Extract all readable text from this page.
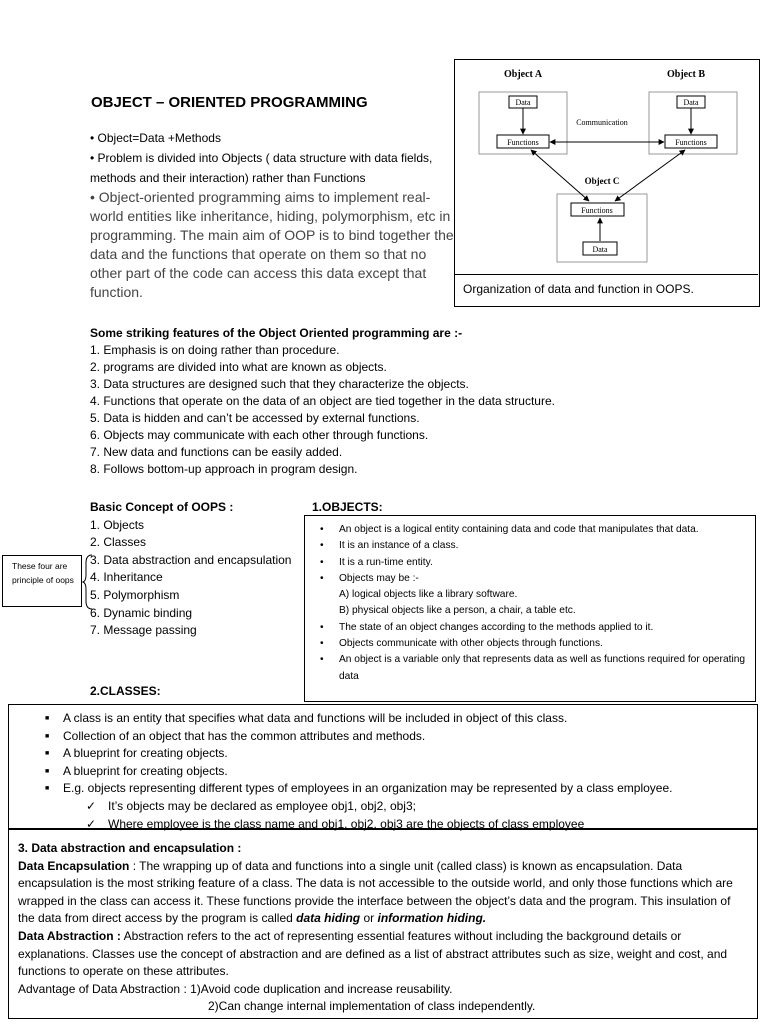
OBJECT – ORIENTED PROGRAMMING
• Object=Data +Methods
• Problem is divided into Objects ( data structure with data fields, methods and their interaction) rather than Functions
• Object-oriented programming aims to implement real-world entities like inheritance, hiding, polymorphism, etc in programming. The main aim of OOP is to bind together the data and the functions that operate on them so that no other part of the code can access this data except that function.
Object A	Object B
Data
Functions
Data
Functions
Communication
Object C
Functions
Data
Organization of data and function in OOPS.
Some striking features of the Object Oriented programming are :-
1. Emphasis is on doing rather than procedure.
2. programs are divided into what are known as objects.
3. Data structures are designed such that they characterize the objects.
4. Functions that operate on the data of an object are tied together in the data structure.
5. Data is hidden and can’t be accessed by external functions.
6. Objects may communicate with each other through functions.
7. New data and functions can be easily added.
8. Follows bottom-up approach in program design.
Basic Concept of OOPS :
1. Objects
2. Classes
3. Data abstraction and encapsulation
4. Inheritance
5. Polymorphism
6. Dynamic binding
7. Message passing
These four are principle of oops
1.OBJECTS:
• An object is a logical entity containing data and code that manipulates that data.
• It is an instance of a class.
• It is a run-time entity.
• Objects may be :-
A) logical objects like a library software.
B) physical objects like a person, a chair, a table etc.
• The state of an object changes according to the methods applied to it.
• Objects communicate with other objects through functions.
• An object is a variable only that represents data as well as functions required for operating data
2.CLASSES:
■ A class is an entity that specifies what data and functions will be included in object of this class.
■ Collection of an object that has the common attributes and methods.
■ A blueprint for creating objects.
■ A blueprint for creating objects.
■ E.g. objects representing different types of employees in an organization may be represented by a class employee.
✓ It’s objects may be declared as employee obj1, obj2, obj3;
✓ Where employee is the class name and obj1, obj2, obj3 are the objects of class employee
3. Data abstraction and encapsulation :
Data Encapsulation : The wrapping up of data and functions into a single unit (called class) is known as encapsulation. Data encapsulation is the most striking feature of a class. The data is not accessible to the outside world, and only those functions which are wrapped in the class can access it. These functions provide the interface between the object’s data and the program. This insulation of the data from direct access by the program is called data hiding or information hiding.
Data Abstraction : Abstraction refers to the act of representing essential features without including the background details or explanations. Classes use the concept of abstraction and are defined as a list of abstract attributes such as size, weight and cost, and functions to operate on these attributes.
Advantage of Data Abstraction : 1)Avoid code duplication and increase reusability.
2)Can change internal implementation of class independently.
